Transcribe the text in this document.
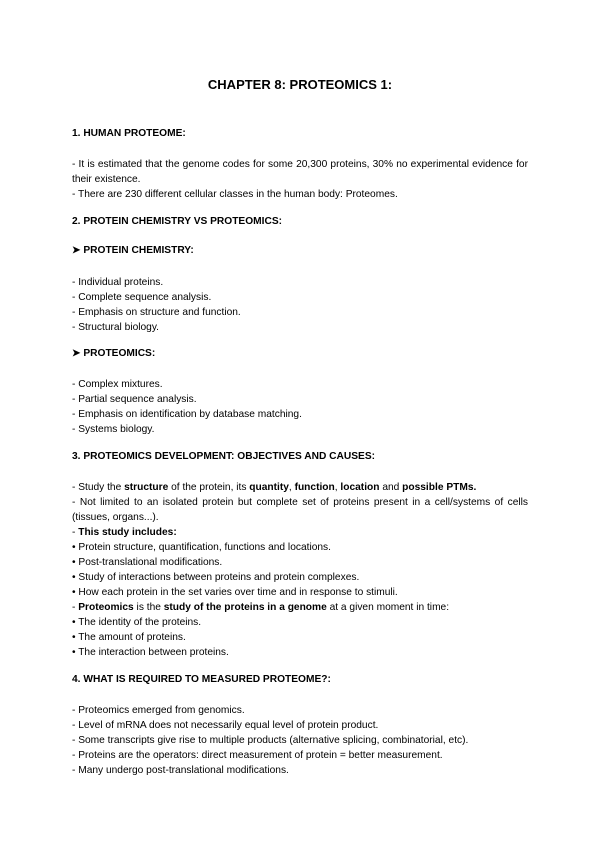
CHAPTER 8: PROTEOMICS 1:
1. HUMAN PROTEOME:
- It is estimated that the genome codes for some 20,300 proteins, 30% no experimental evidence for their existence.
- There are 230 different cellular classes in the human body: Proteomes.
2. PROTEIN CHEMISTRY VS PROTEOMICS:
➤ PROTEIN CHEMISTRY:
- Individual proteins.
- Complete sequence analysis.
- Emphasis on structure and function.
- Structural biology.
➤ PROTEOMICS:
- Complex mixtures.
- Partial sequence analysis.
- Emphasis on identification by database matching.
- Systems biology.
3. PROTEOMICS DEVELOPMENT: OBJECTIVES AND CAUSES:
- Study the structure of the protein, its quantity, function, location and possible PTMs.
- Not limited to an isolated protein but complete set of proteins present in a cell/systems of cells (tissues, organs...).
- This study includes:
• Protein structure, quantification, functions and locations.
• Post-translational modifications.
• Study of interactions between proteins and protein complexes.
• How each protein in the set varies over time and in response to stimuli.
- Proteomics is the study of the proteins in a genome at a given moment in time:
• The identity of the proteins.
• The amount of proteins.
• The interaction between proteins.
4. WHAT IS REQUIRED TO MEASURED PROTEOME?:
- Proteomics emerged from genomics.
- Level of mRNA does not necessarily equal level of protein product.
- Some transcripts give rise to multiple products (alternative splicing, combinatorial, etc).
- Proteins are the operators: direct measurement of protein = better measurement.
- Many undergo post-translational modifications.
